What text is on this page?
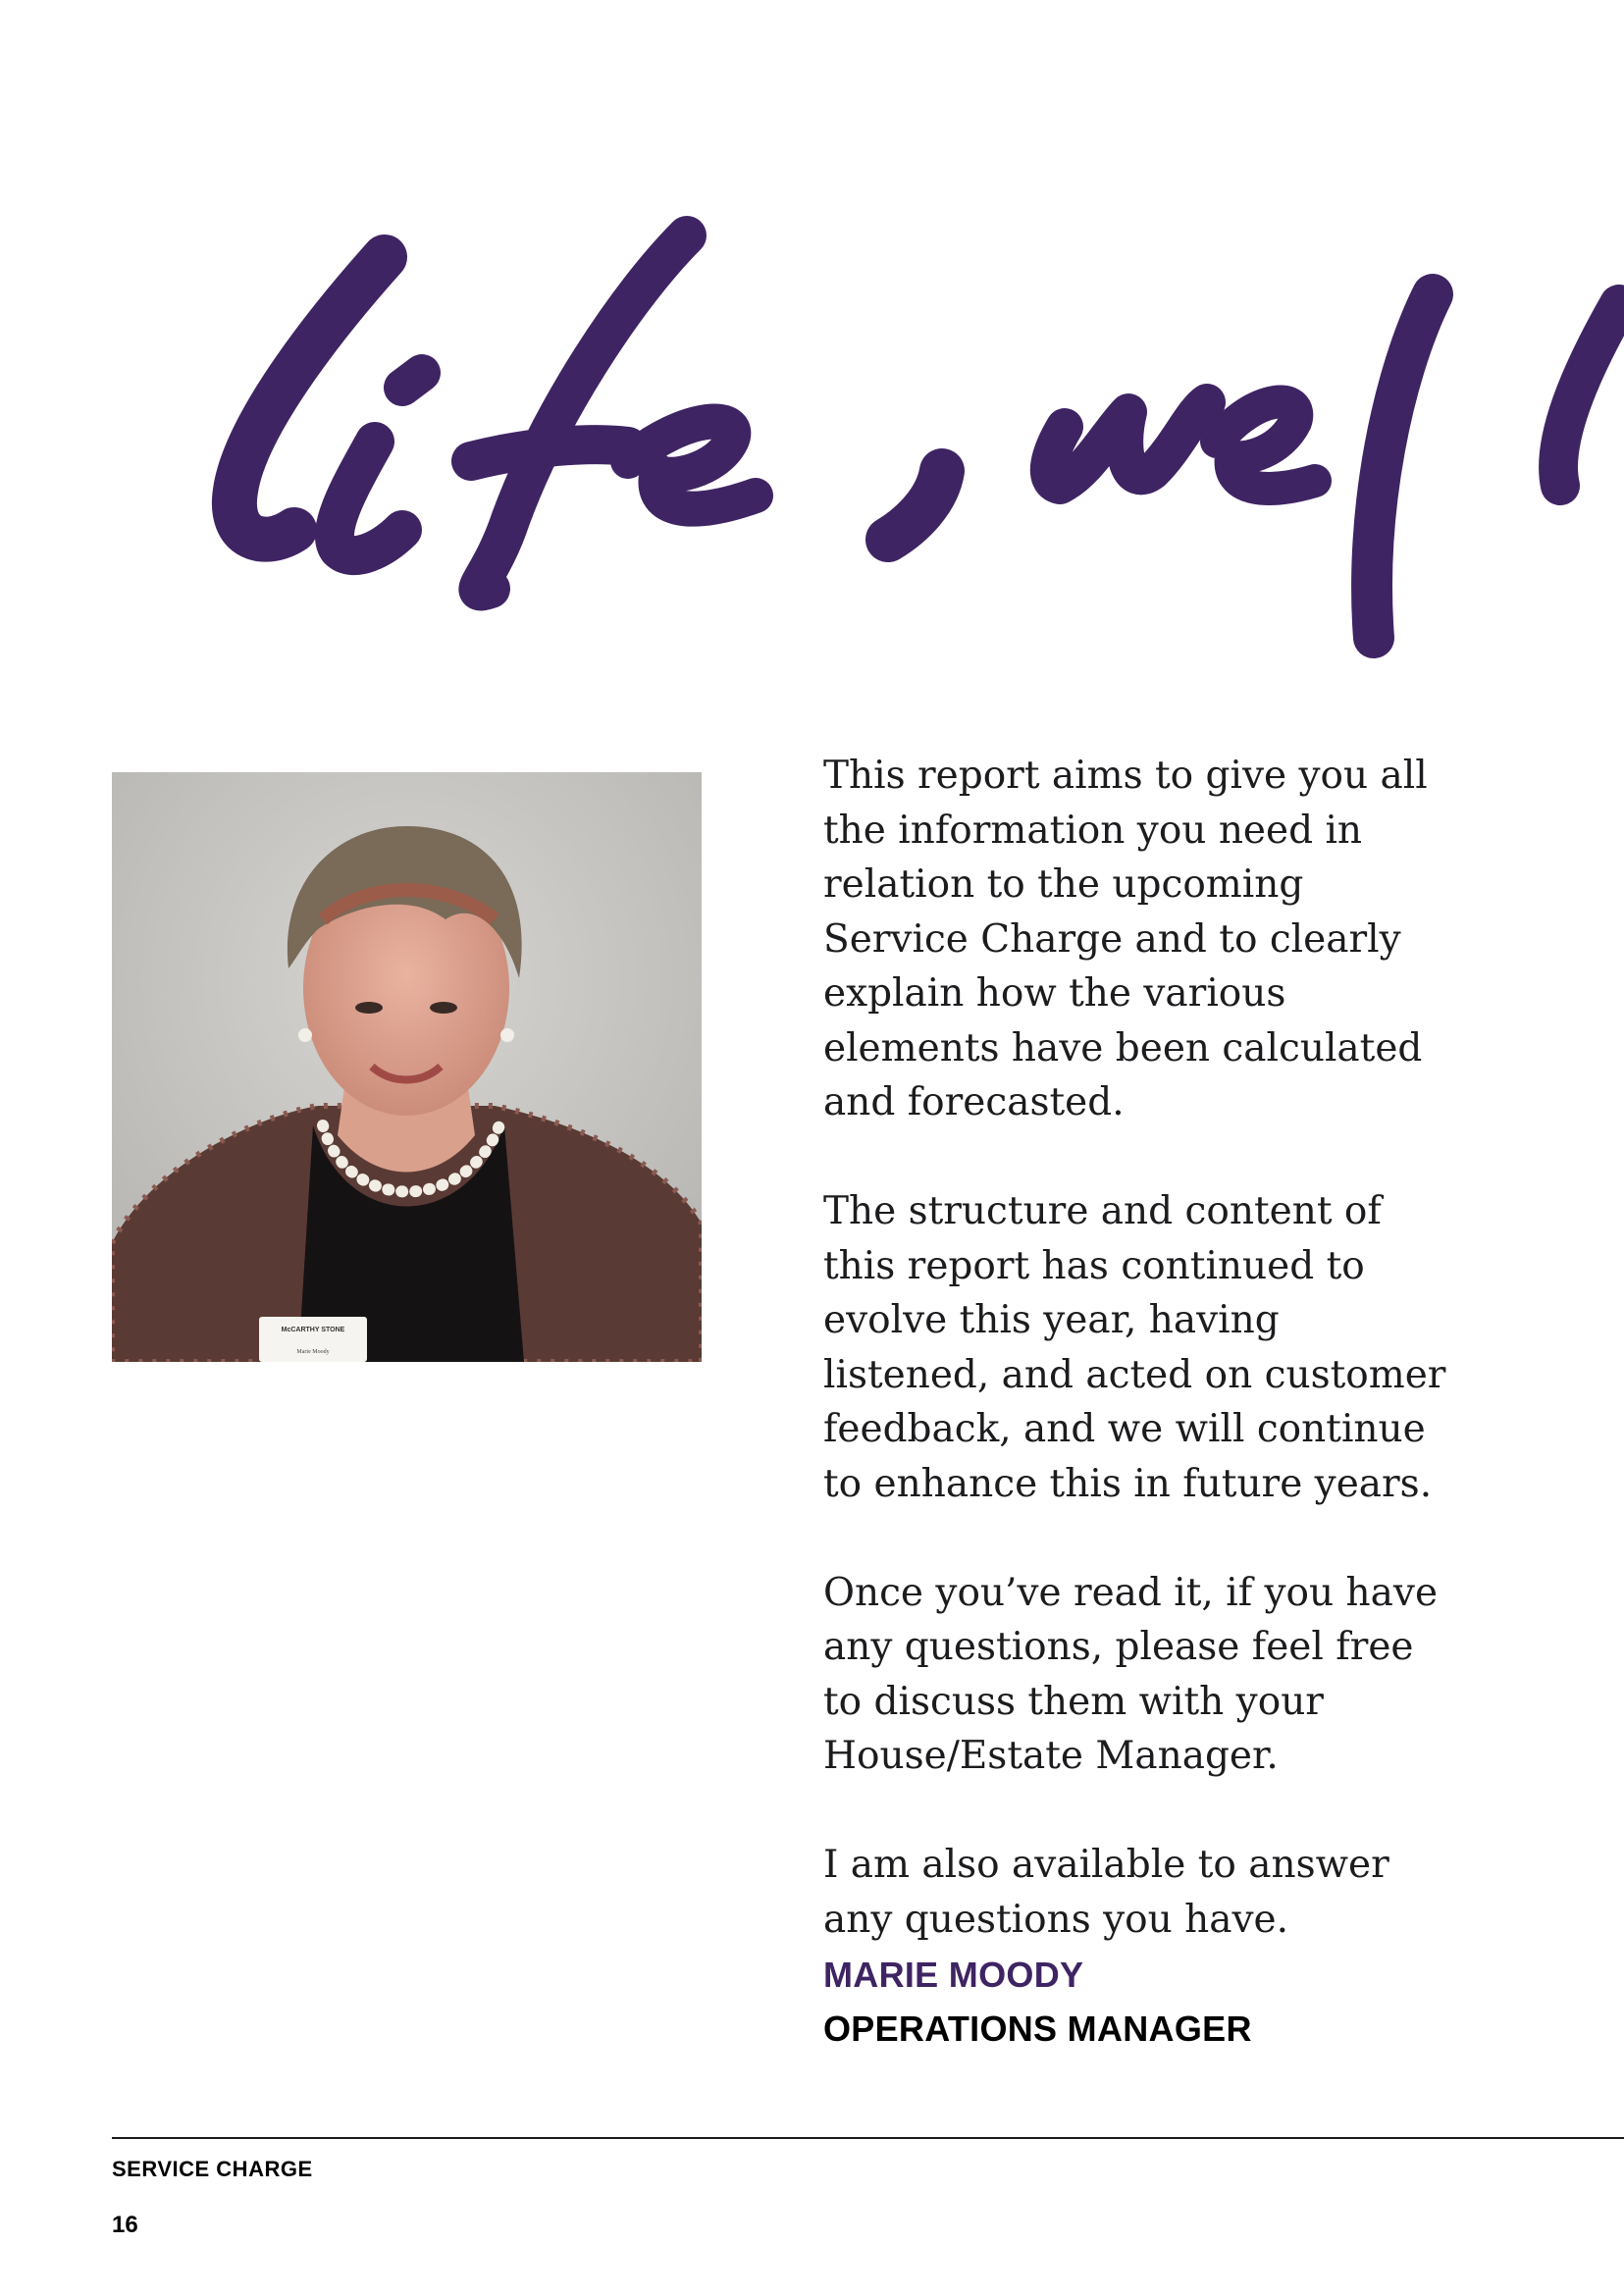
McCARTHY STONE
Marie Moody

This report aims to give you all the information you need in relation to the upcoming Service Charge and to clearly explain how the various elements have been calculated and forecasted.

The structure and content of this report has continued to evolve this year, having listened, and acted on customer feedback, and we will continue to enhance this in future years.

Once you’ve read it, if you have any questions, please feel free to discuss them with your House/Estate Manager.

I am also available to answer any questions you have.

MARIE MOODY
OPERATIONS MANAGER
SERVICE CHARGE
16
